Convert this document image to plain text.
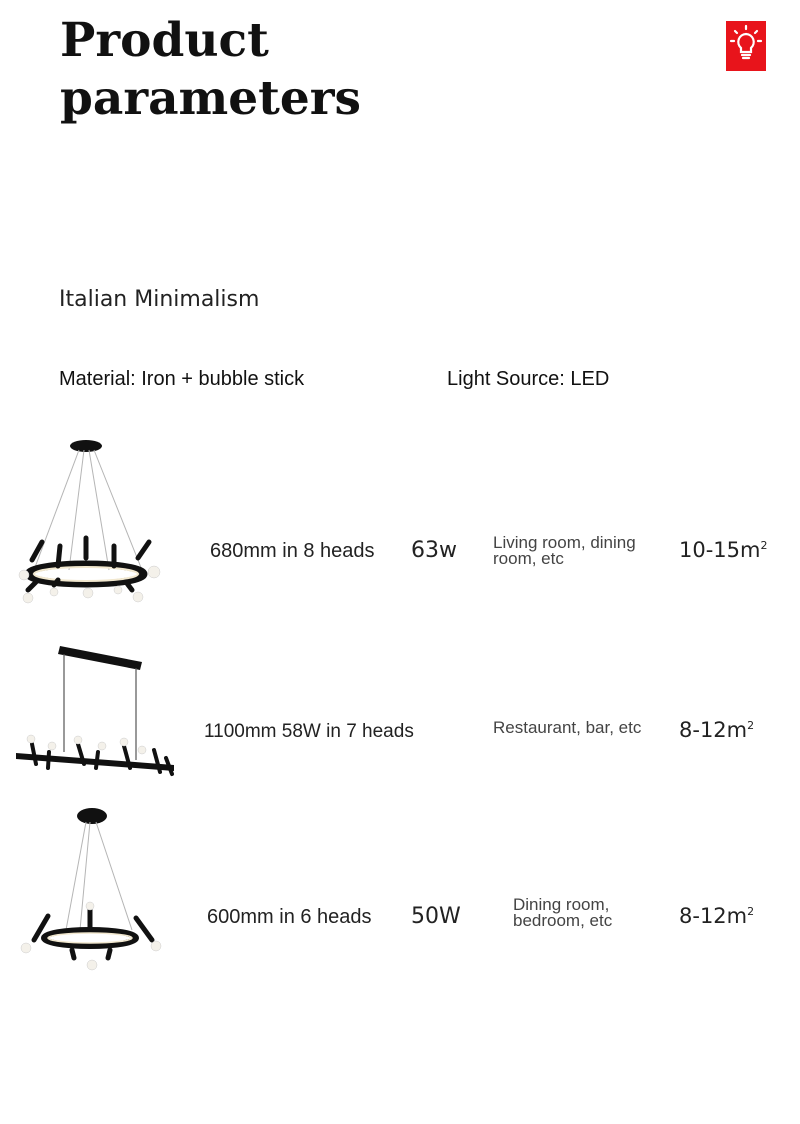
Product
parameters
Italian Minimalism
Material: Iron + bubble stick	Light Source: LED
680mm in 8 heads 63w Living room, dining room, etc	$10-15m^2$
1100mm 58W in 7 heads	Restaurant, bar, etc	$8-12m^2$
600mm in 6 heads 50W	Dining room, bedroom, etc	$8-12m^2$
